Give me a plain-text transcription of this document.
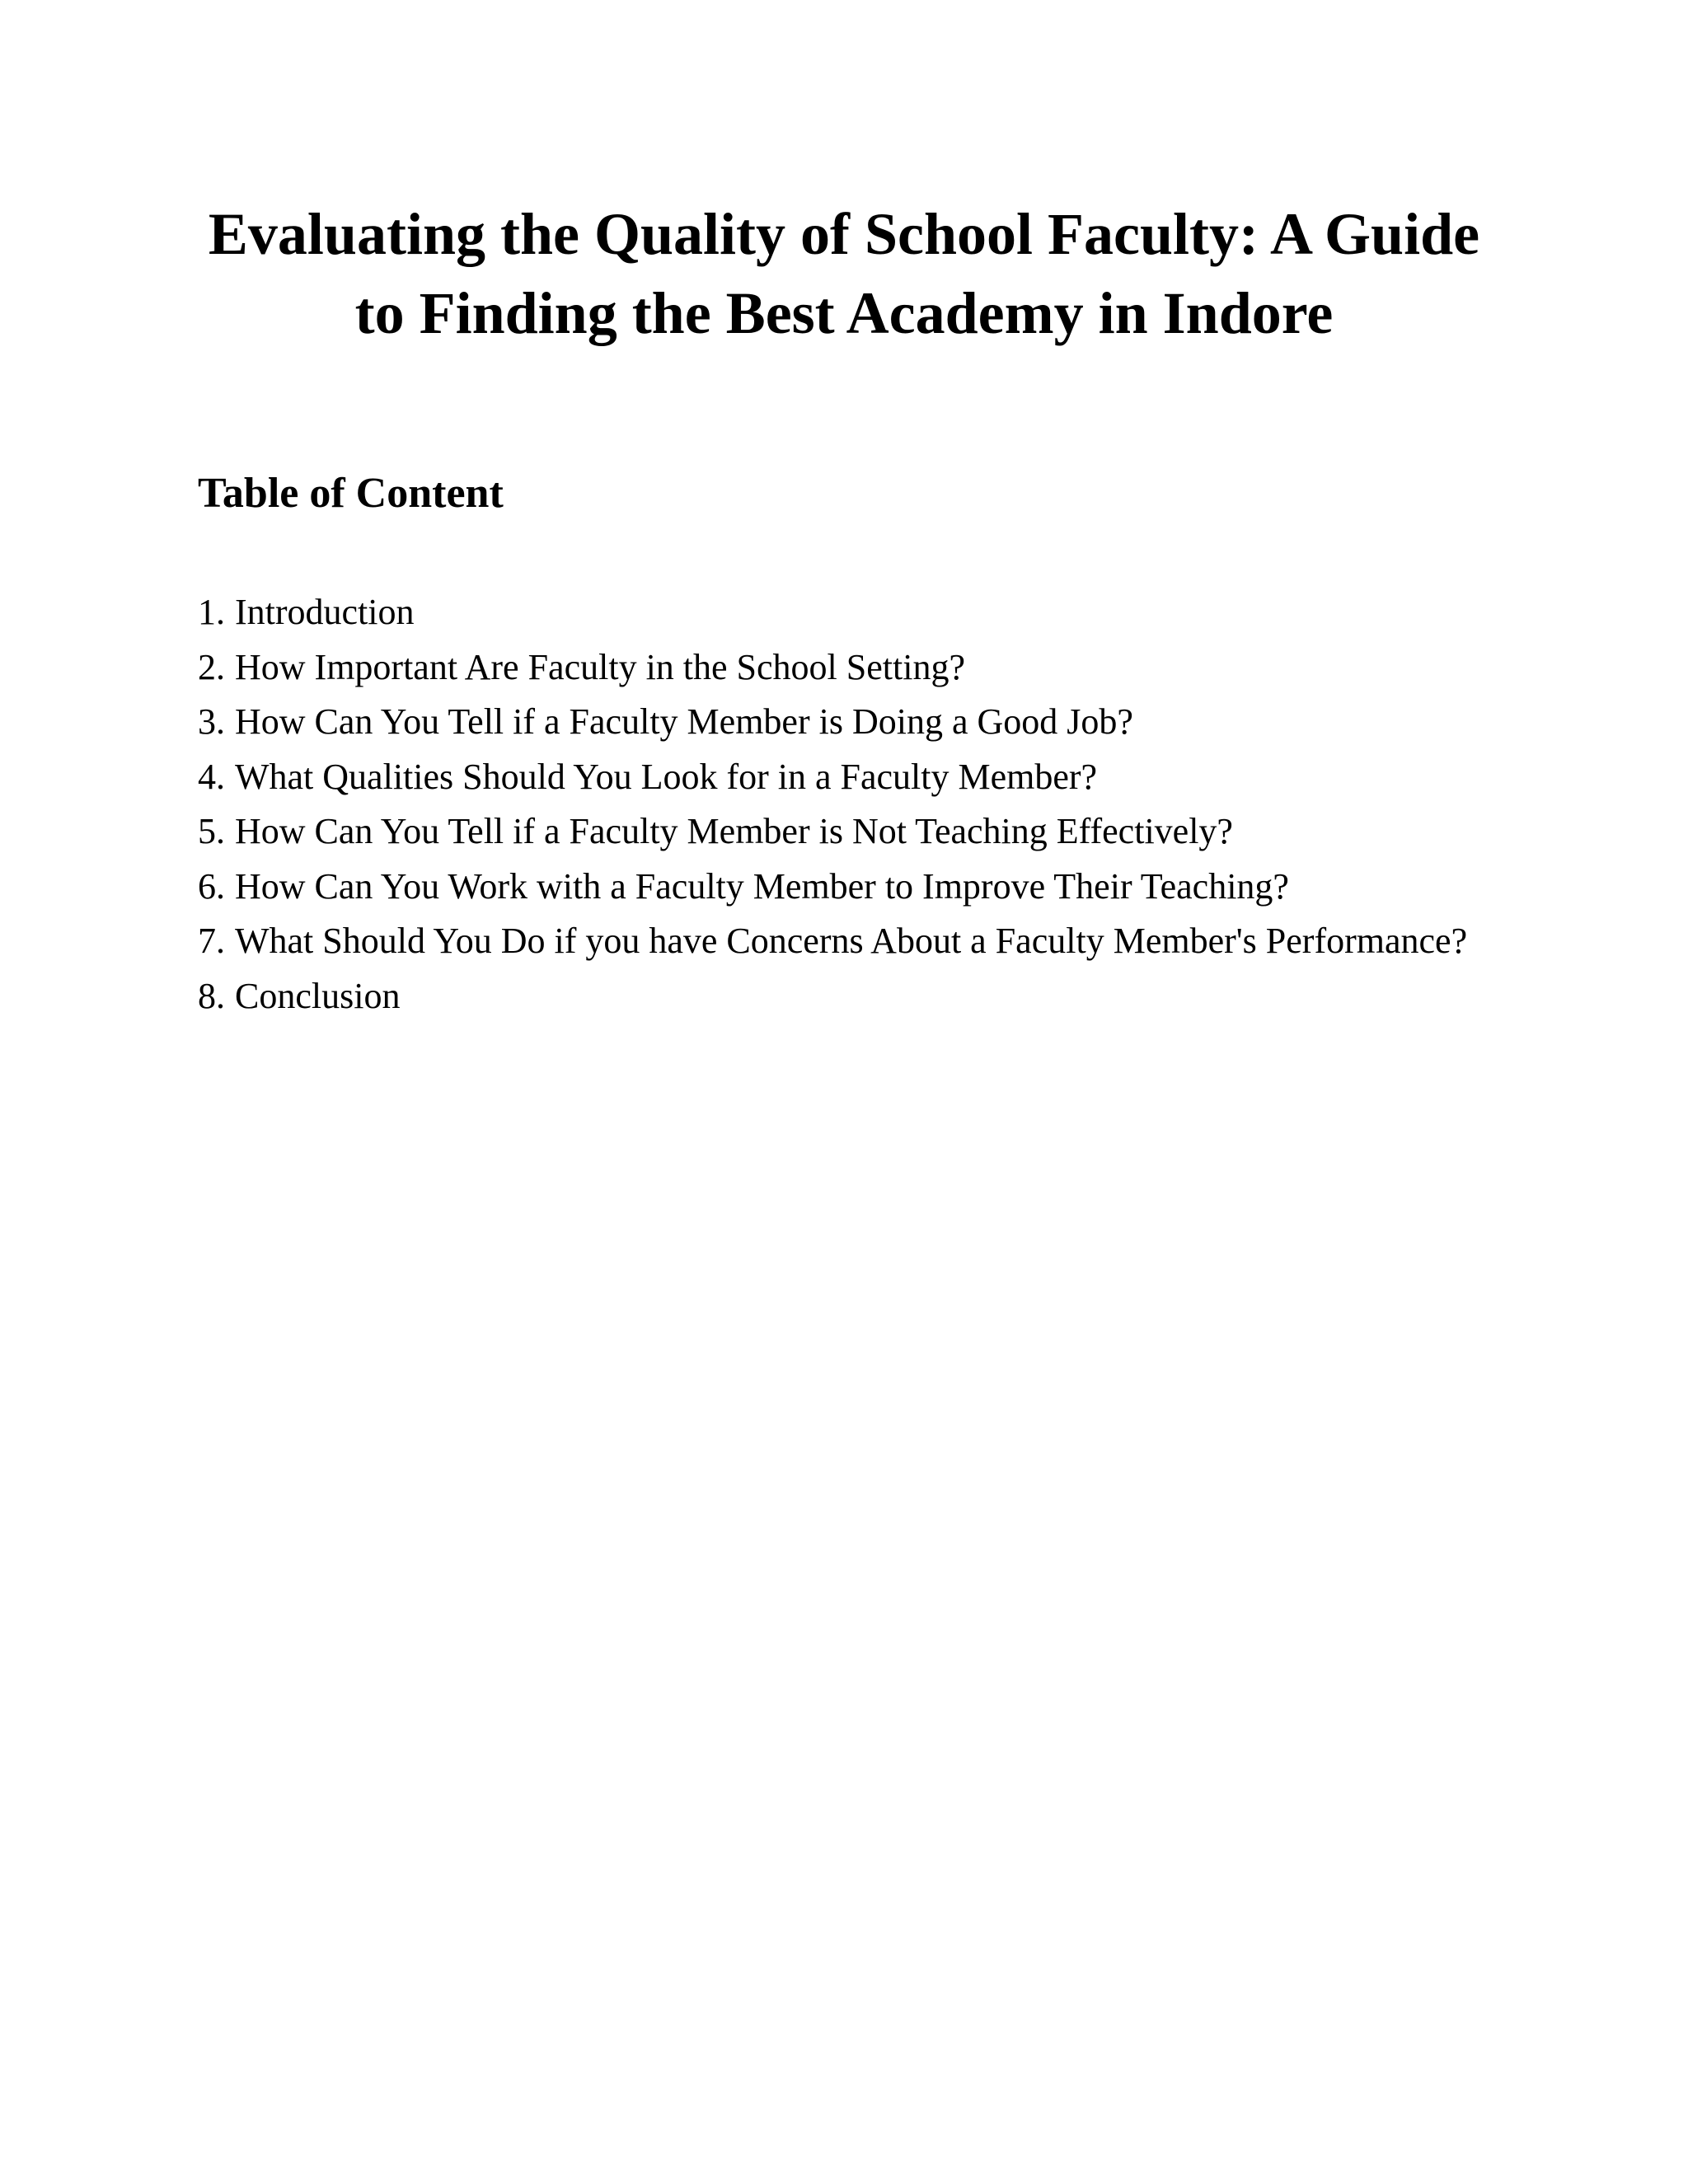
Evaluating the Quality of School Faculty: A Guide to Finding the Best Academy in Indore
Table of Content
1. Introduction
2. How Important Are Faculty in the School Setting?
3. How Can You Tell if a Faculty Member is Doing a Good Job?
4. What Qualities Should You Look for in a Faculty Member?
5. How Can You Tell if a Faculty Member is Not Teaching Effectively?
6. How Can You Work with a Faculty Member to Improve Their Teaching?
7. What Should You Do if you have Concerns About a Faculty Member's Performance?
8. Conclusion
